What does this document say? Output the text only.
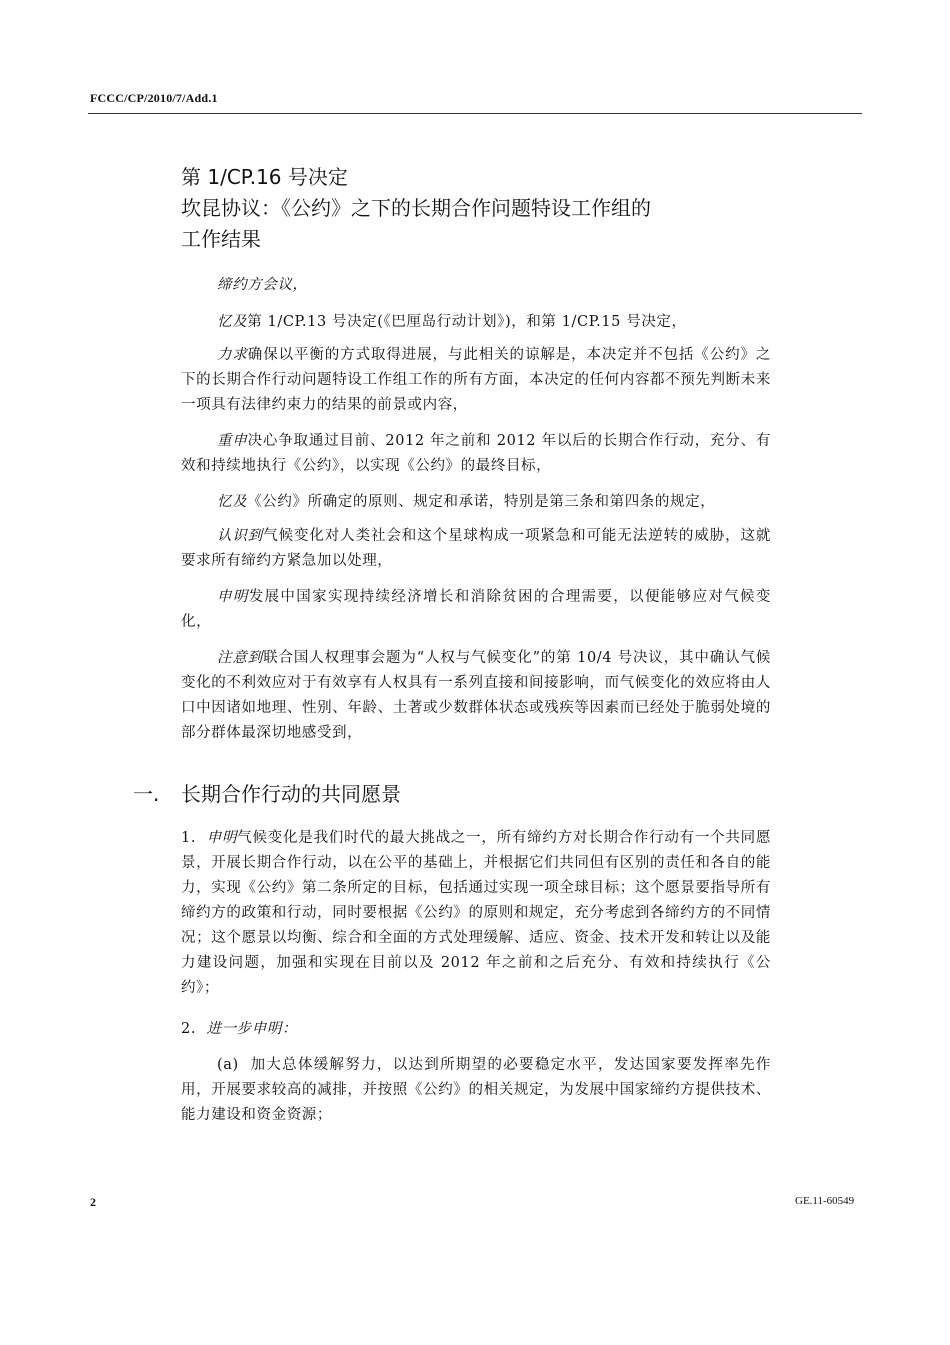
FCCC/CP/2010/7/Add.1

第 1/CP.16 号决定

坎昆协议：《公约》之下的长期合作问题特设工作组的

工作结果

缔约方会议，

忆及第 1/CP.13 号决定(《巴厘岛行动计划》)，和第 1/CP.15 号决定，

力求确保以平衡的方式取得进展，与此相关的谅解是，本决定并不包括《公约》之下的长期合作行动问题特设工作组工作的所有方面，本决定的任何内容都不预先判断未来一项具有法律约束力的结果的前景或内容，

重申决心争取通过目前、2012 年之前和 2012 年以后的长期合作行动，充分、有效和持续地执行《公约》，以实现《公约》的最终目标，

忆及《公约》所确定的原则、规定和承诺，特别是第三条和第四条的规定，

认识到气候变化对人类社会和这个星球构成一项紧急和可能无法逆转的威胁，这就要求所有缔约方紧急加以处理，

申明发展中国家实现持续经济增长和消除贫困的合理需要，以便能够应对气候变化，

注意到联合国人权理事会题为“人权与气候变化”的第 10/4 号决议，其中确认气候变化的不利效应对于有效享有人权具有一系列直接和间接影响，而气候变化的效应将由人口中因诸如地理、性别、年龄、土著或少数群体状态或残疾等因素而已经处于脆弱处境的部分群体最深切地感受到，

一. 长期合作行动的共同愿景

1. 申明气候变化是我们时代的最大挑战之一，所有缔约方对长期合作行动有一个共同愿景，开展长期合作行动，以在公平的基础上，并根据它们共同但有区别的责任和各自的能力，实现《公约》第二条所定的目标，包括通过实现一项全球目标；这个愿景要指导所有缔约方的政策和行动，同时要根据《公约》的原则和规定，充分考虑到各缔约方的不同情况；这个愿景以均衡、综合和全面的方式处理缓解、适应、资金、技术开发和转让以及能力建设问题，加强和实现在目前以及 2012 年之前和之后充分、有效和持续执行《公约》；

2. 进一步申明：

(a) 加大总体缓解努力，以达到所期望的必要稳定水平，发达国家要发挥率先作用，开展要求较高的减排，并按照《公约》的相关规定，为发展中国家缔约方提供技术、能力建设和资金资源；

2	GE.11-60549
